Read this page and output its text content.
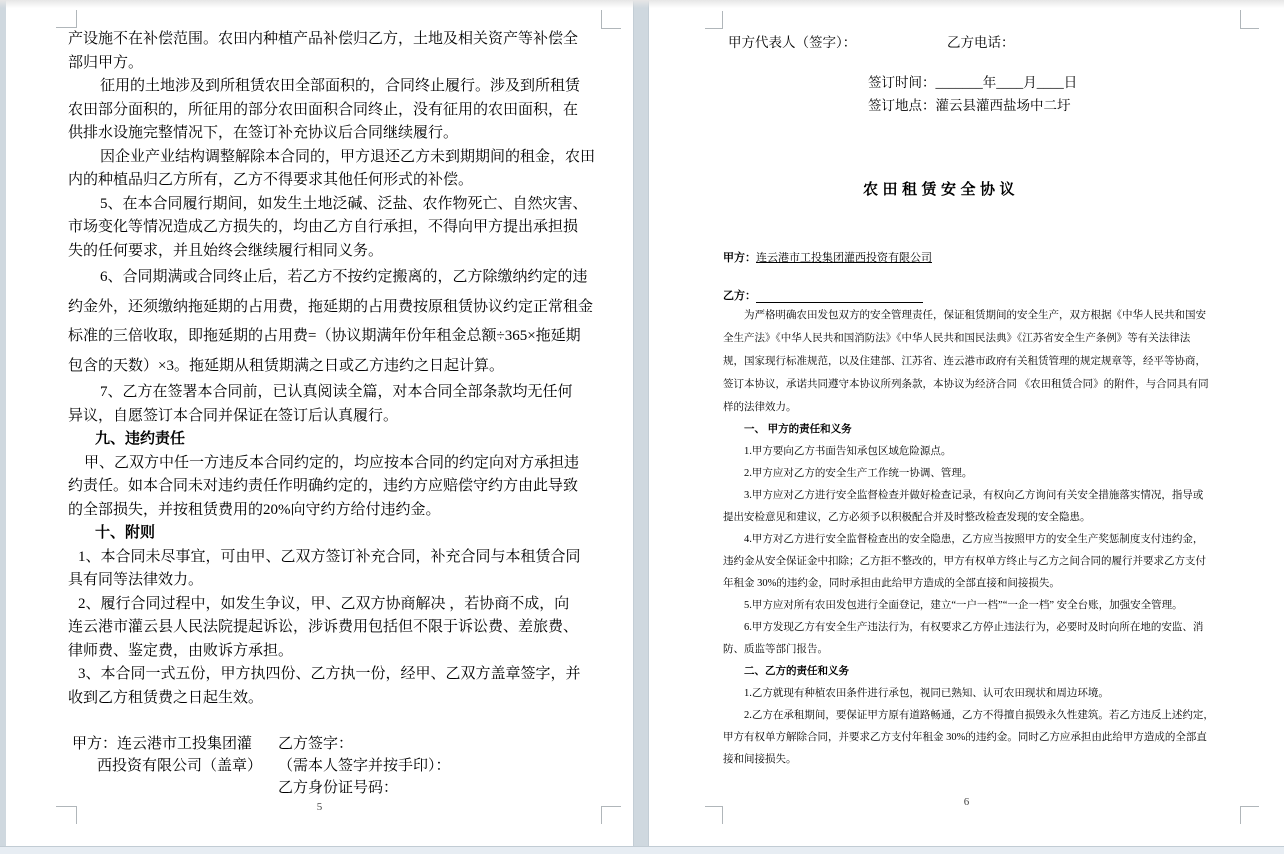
产设施不在补偿范围。农田内种植产品补偿归乙方，土地及相关资产等补偿全
部归甲方。
征用的土地涉及到所租赁农田全部面积的，合同终止履行。涉及到所租赁
农田部分面积的，所征用的部分农田面积合同终止，没有征用的农田面积，在
供排水设施完整情况下，在签订补充协议后合同继续履行。
因企业产业结构调整解除本合同的，甲方退还乙方未到期期间的租金，农田
内的种植品归乙方所有，乙方不得要求其他任何形式的补偿。
5、在本合同履行期间，如发生土地泛碱、泛盐、农作物死亡、自然灾害、
市场变化等情况造成乙方损失的，均由乙方自行承担，不得向甲方提出承担损
失的任何要求，并且始终会继续履行相同义务。
6、合同期满或合同终止后，若乙方不按约定搬离的，乙方除缴纳约定的违
约金外，还须缴纳拖延期的占用费，拖延期的占用费按原租赁协议约定正常租金
标准的三倍收取，即拖延期的占用费=（协议期满年份年租金总额÷365×拖延期
包含的天数）×3。拖延期从租赁期满之日或乙方违约之日起计算。
7、乙方在签署本合同前，已认真阅读全篇，对本合同全部条款均无任何
异议，自愿签订本合同并保证在签订后认真履行。
九、违约责任
甲、乙双方中任一方违反本合同约定的，均应按本合同的约定向对方承担违
约责任。如本合同未对违约责任作明确约定的，违约方应赔偿守约方由此导致
的全部损失，并按租赁费用的20%向守约方给付违约金。
十、附则
1、本合同未尽事宜，可由甲、乙双方签订补充合同，补充合同与本租赁合同
具有同等法律效力。
2、履行合同过程中，如发生争议，甲、乙双方协商解决 ，若协商不成，向
连云港市灌云县人民法院提起诉讼，涉诉费用包括但不限于诉讼费、差旅费、
律师费、鉴定费，由败诉方承担。
3、本合同一式五份，甲方执四份、乙方执一份，经甲、乙双方盖章签字，并
收到乙方租赁费之日起生效。
甲方：连云港市工投集团灌
西投资有限公司（盖章）
乙方签字：
（需本人签字并按手印）：
乙方身份证号码：
5
甲方代表人（签字）：	乙方电话：
签订时间：_______年____月____日
签订地点：灌云县灌西盐场中二圩
农田租赁安全协议
甲方：连云港市工投集团灌西投资有限公司
乙方：
为严格明确农田发包双方的安全管理责任，保证租赁期间的安全生产，双方根据《中华人民共和国安
全生产法》《中华人民共和国消防法》《中华人民共和国民法典》《江苏省安全生产条例》等有关法律法
规，国家现行标准规范，以及住建部、江苏省、连云港市政府有关租赁管理的规定规章等，经平等协商，
签订本协议，承诺共同遵守本协议所列条款，本协议为经济合同 《农田租赁合同》的附件，与合同具有同
样的法律效力。
一、 甲方的责任和义务
1.甲方要向乙方书面告知承包区域危险源点。
2.甲方应对乙方的安全生产工作统一协调、管理。
3.甲方应对乙方进行安全监督检查并做好检查记录，有权向乙方询问有关安全措施落实情况，指导或
提出安检意见和建议，乙方必须予以积极配合并及时整改检查发现的安全隐患。
4.甲方对乙方进行安全监督检查出的安全隐患，乙方应当按照甲方的安全生产奖惩制度支付违约金，
违约金从安全保证金中扣除；乙方拒不整改的，甲方有权单方终止与乙方之间合同的履行并要求乙方支付
年租金 30%的违约金，同时承担由此给甲方造成的全部直接和间接损失。
5.甲方应对所有农田发包进行全面登记，建立“一户一档”“一企一档” 安全台账，加强安全管理。
6.甲方发现乙方有安全生产违法行为，有权要求乙方停止违法行为，必要时及时向所在地的安监、消
防、质监等部门报告。
二、乙方的责任和义务
1.乙方就现有种植农田条件进行承包，视同已熟知、认可农田现状和周边环境。
2.乙方在承租期间，要保证甲方原有道路畅通，乙方不得擅自损毁永久性建筑。若乙方违反上述约定，
甲方有权单方解除合同，并要求乙方支付年租金 30%的违约金。同时乙方应承担由此给甲方造成的全部直
接和间接损失。
6
